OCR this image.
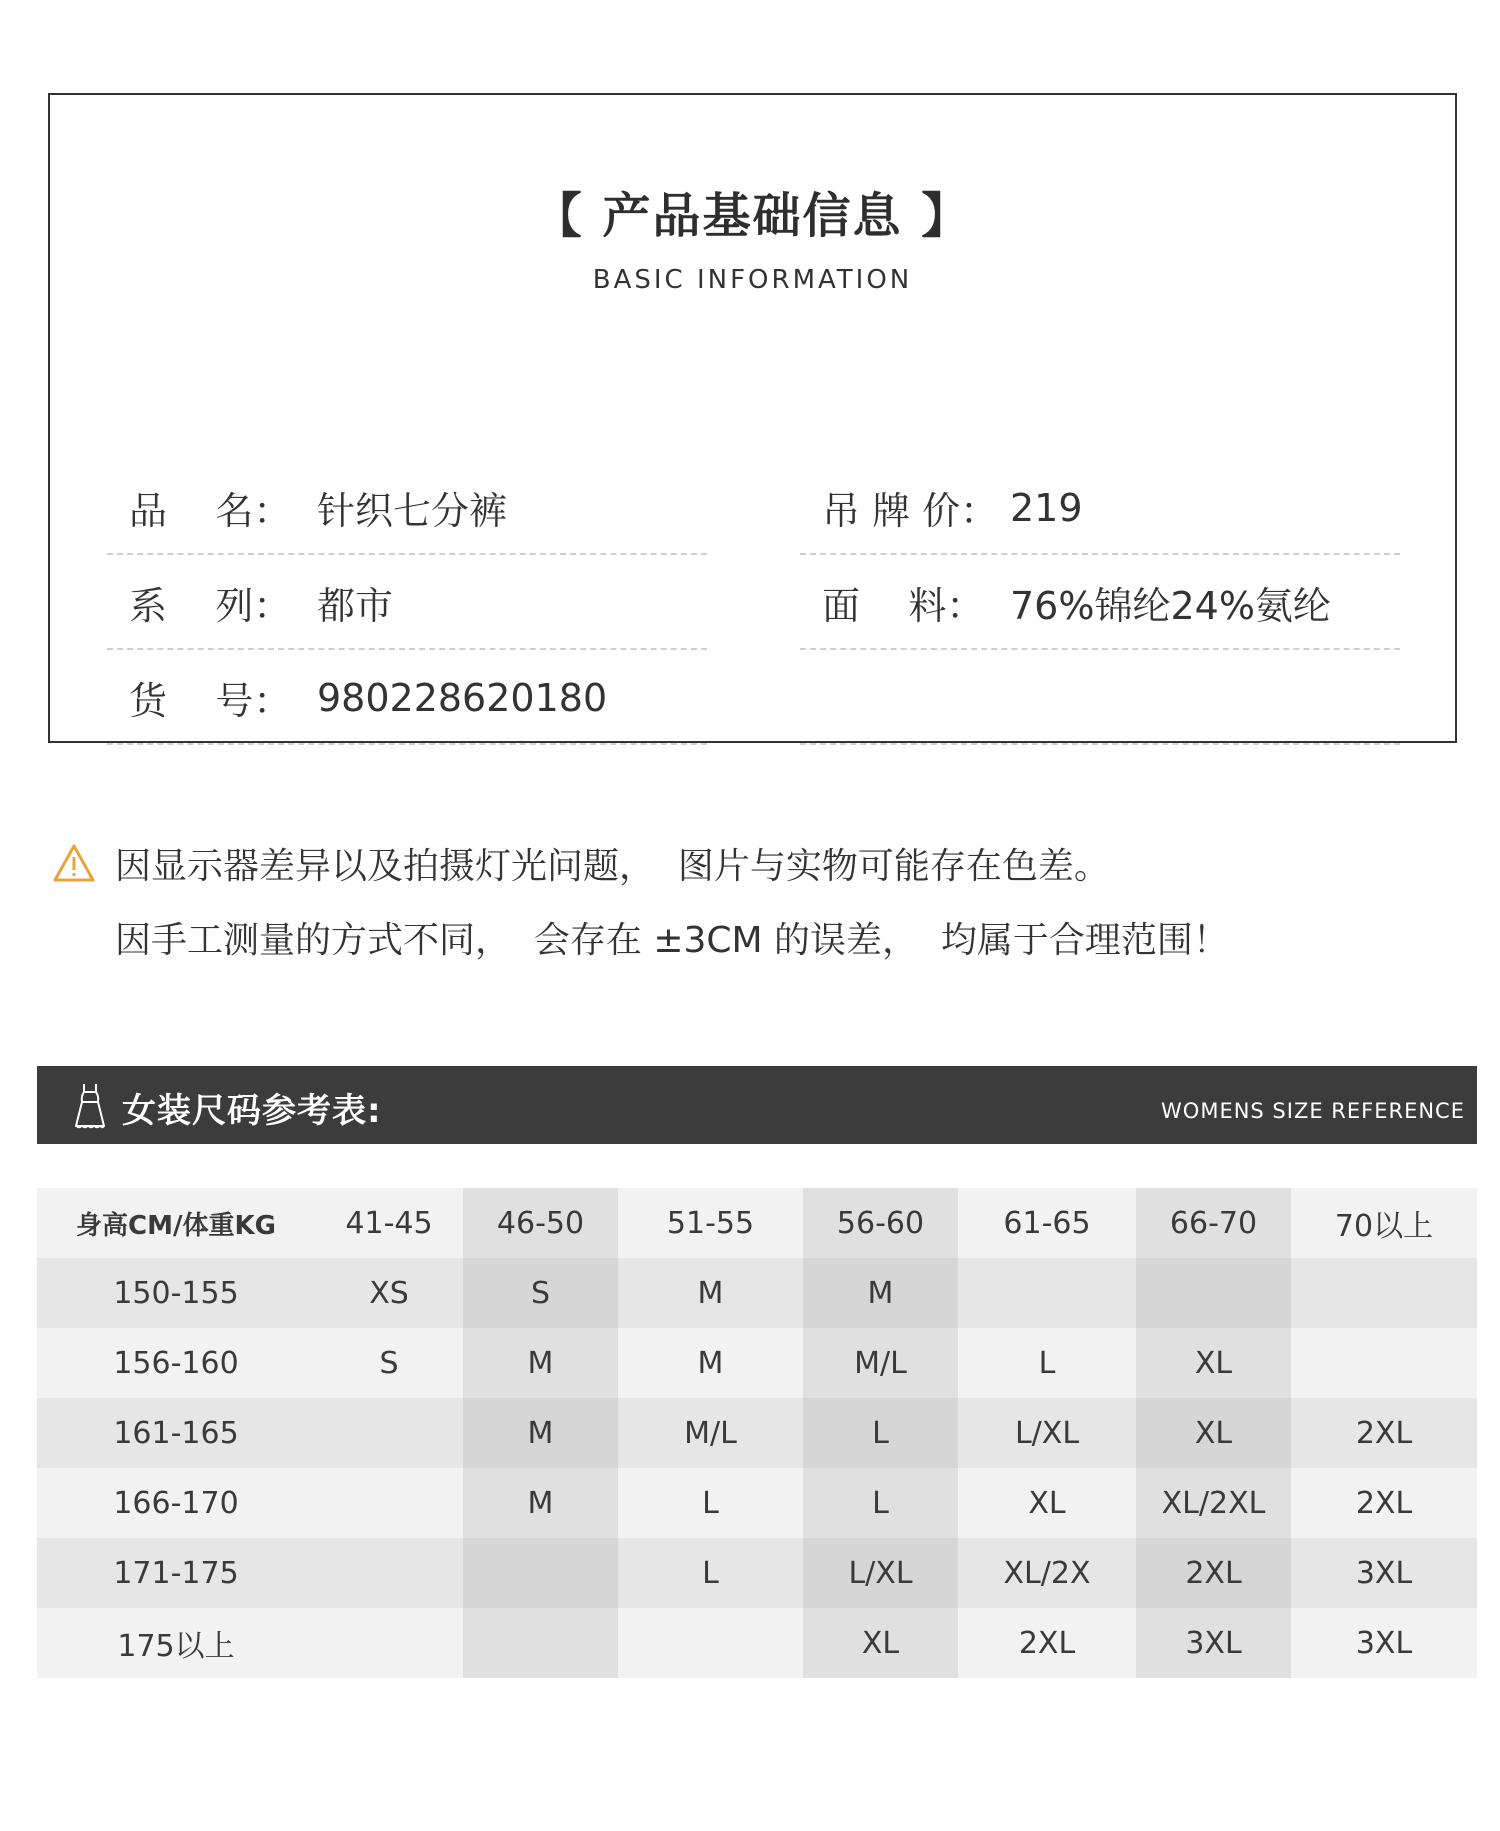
【 产品基础信息 】
BASIC INFORMATION
品    名： 针织七分裤
系    列： 都市
货    号： 980228620180
吊 牌 价： 219
面    料： 76%锦纶24%氨纶
因显示器差异以及拍摄灯光问题，  图片与实物可能存在色差。
因手工测量的方式不同，  会存在 ±3CM 的误差，  均属于合理范围！
女装尺码参考表:	WOMENS SIZE REFERENCE
身高CM/体重KG	41-45	46-50	51-55	56-60	61-65	66-70	70以上
150-155	XS	S	M	M			
156-160	S	M	M	M/L	L	XL	
161-165		M	M/L	L	L/XL	XL	2XL
166-170		M	L	L	XL	XL/2XL	2XL
171-175			L	L/XL	XL/2X	2XL	3XL
175以上				XL	2XL	3XL	3XL
